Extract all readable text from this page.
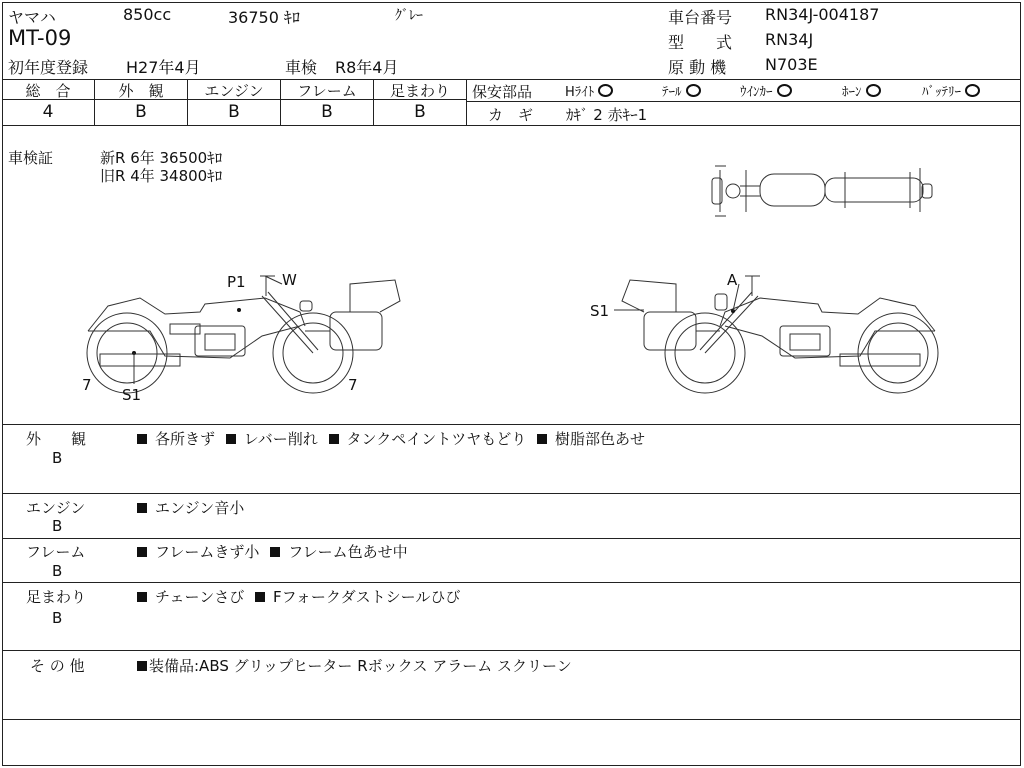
ヤマハ	850cc	36750 ｷﾛ	ｸﾞﾚｰ
MT-09
初年度登録 H27年4月	車検 R8年4月
車台番号 RN34J-004187
型　　式 RN34J
原 動 機 N703E
総　合	外　観	エンジン	フレーム	足まわり
4	B	B	B	B
保安部品	Hﾗｲﾄ	ﾃｰﾙ	ｳｲﾝｶｰ	ﾎｰﾝ	ﾊﾞｯﾃﾘｰ
カ　ギ ｶｷﾞ 2 赤ｷｰ1
車検証	新R 6年 36500ｷﾛ
旧R 4年 34800ｷﾛ
P1 W
7
S1
7
A
S1
外　　観
B
各所きず レバー削れ タンクペイントツヤもどり 樹脂部色あせ
エンジン
B
エンジン音小
フレーム
B
フレームきず小 フレーム色あせ中
足まわり
B
チェーンさび Fフォークダストシールひび
そ の 他	装備品:ABS グリップヒーター Rボックス アラーム スクリーン
